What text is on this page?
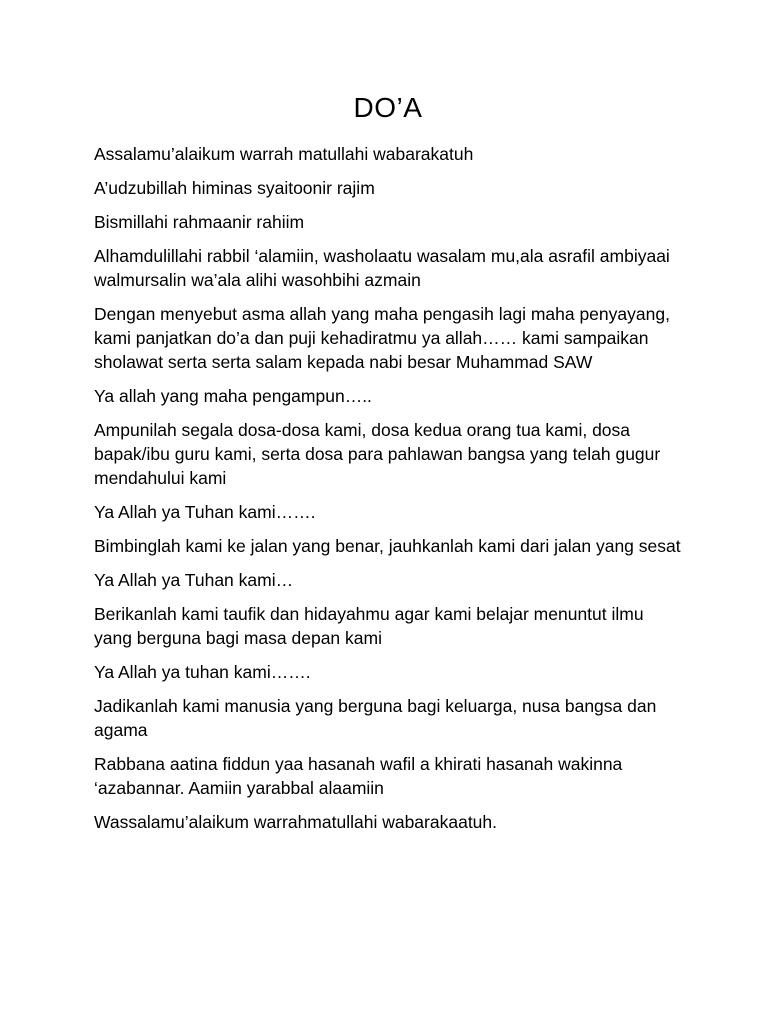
DO’A

Assalamu’alaikum warrah matullahi wabarakatuh

A’udzubillah himinas syaitoonir rajim

Bismillahi rahmaanir rahiim

Alhamdulillahi rabbil ‘alamiin, washolaatu wasalam mu,ala asrafil ambiyaai walmursalin wa’ala alihi wasohbihi azmain

Dengan menyebut asma allah yang maha pengasih lagi maha penyayang, kami panjatkan do’a dan puji kehadiratmu ya allah…… kami sampaikan sholawat serta serta salam kepada nabi besar Muhammad SAW

Ya allah yang maha pengampun…..

Ampunilah segala dosa-dosa kami, dosa kedua orang tua kami, dosa bapak/ibu guru kami, serta dosa para pahlawan bangsa yang telah gugur mendahului kami

Ya Allah ya Tuhan kami…….

Bimbinglah kami ke jalan yang benar, jauhkanlah kami dari jalan yang sesat

Ya Allah ya Tuhan kami…

Berikanlah kami taufik dan hidayahmu agar kami belajar menuntut ilmu yang berguna bagi masa depan kami

Ya Allah ya tuhan kami…….

Jadikanlah kami manusia yang berguna bagi keluarga, nusa bangsa dan agama

Rabbana aatina fiddun yaa hasanah wafil a khirati hasanah wakinna ‘azabannar. Aamiin yarabbal alaamiin

Wassalamu’alaikum warrahmatullahi wabarakaatuh.
